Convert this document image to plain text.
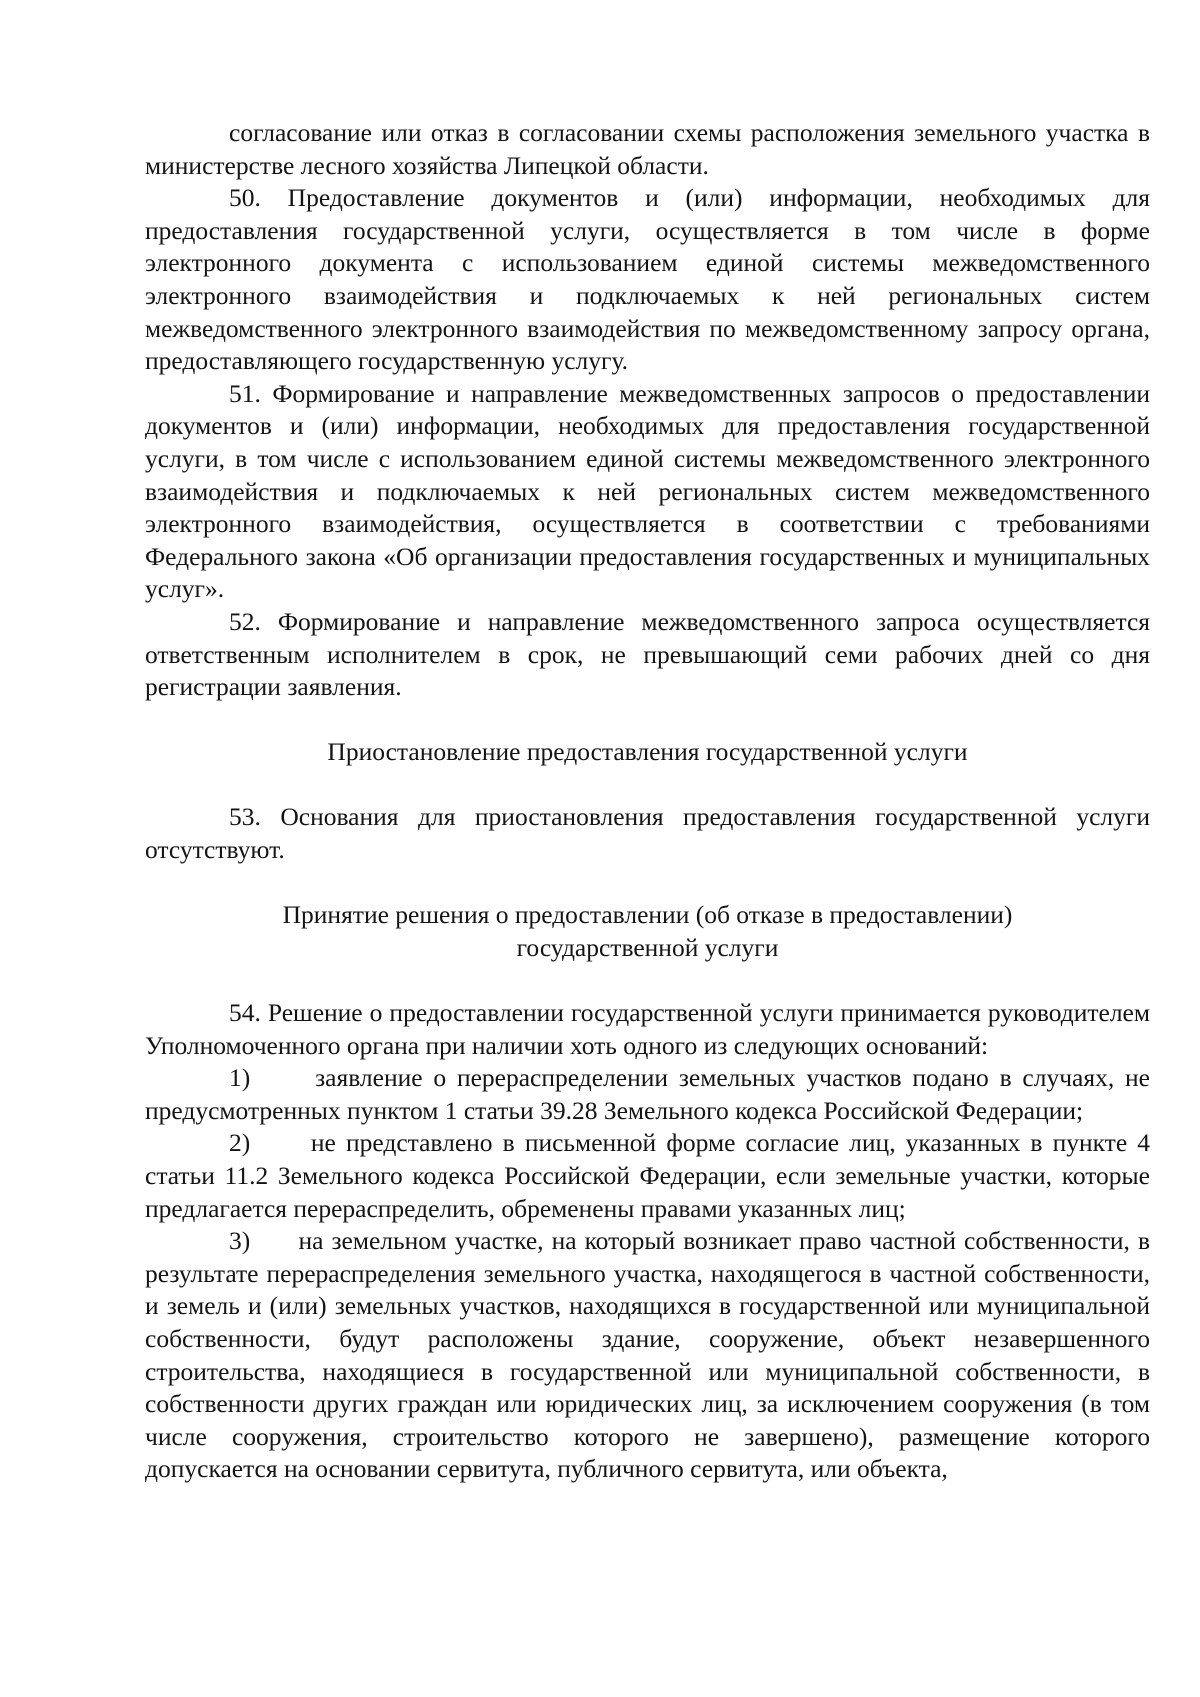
согласование или отказ в согласовании схемы расположения земельного участка в министерстве лесного хозяйства Липецкой области.

50. Предоставление документов и (или) информации, необходимых для предоставления государственной услуги, осуществляется в том числе в форме электронного документа с использованием единой системы межведомственного электронного взаимодействия и подключаемых к ней региональных систем межведомственного электронного взаимодействия по межведомственному запросу органа, предоставляющего государственную услугу.

51. Формирование и направление межведомственных запросов о предоставлении документов и (или) информации, необходимых для предоставления государственной услуги, в том числе с использованием единой системы межведомственного электронного взаимодействия и подключаемых к ней региональных систем межведомственного электронного взаимодействия, осуществляется в соответствии с требованиями Федерального закона «Об организации предоставления государственных и муниципальных услуг».

52. Формирование и направление межведомственного запроса осуществляется ответственным исполнителем в срок, не превышающий семи рабочих дней со дня регистрации заявления.

Приостановление предоставления государственной услуги

53. Основания для приостановления предоставления государственной услуги отсутствуют.

Принятие решения о предоставлении (об отказе в предоставлении)
государственной услуги

54. Решение о предоставлении государственной услуги принимается руководителем Уполномоченного органа при наличии хоть одного из следующих оснований:

1)      заявление о перераспределении земельных участков подано в случаях, не предусмотренных пунктом 1 статьи 39.28 Земельного кодекса Российской Федерации;

2)      не представлено в письменной форме согласие лиц, указанных в пункте 4 статьи 11.2 Земельного кодекса Российской Федерации, если земельные участки, которые предлагается перераспределить, обременены правами указанных лиц;

3)      на земельном участке, на который возникает право частной собственности, в результате перераспределения земельного участка, находящегося в частной собственности, и земель и (или) земельных участков, находящихся в государственной или муниципальной собственности, будут расположены здание, сооружение, объект незавершенного строительства, находящиеся в государственной или муниципальной собственности, в собственности других граждан или юридических лиц, за исключением сооружения (в том числе сооружения, строительство которого не завершено), размещение которого допускается на основании сервитута, публичного сервитута, или объекта,
